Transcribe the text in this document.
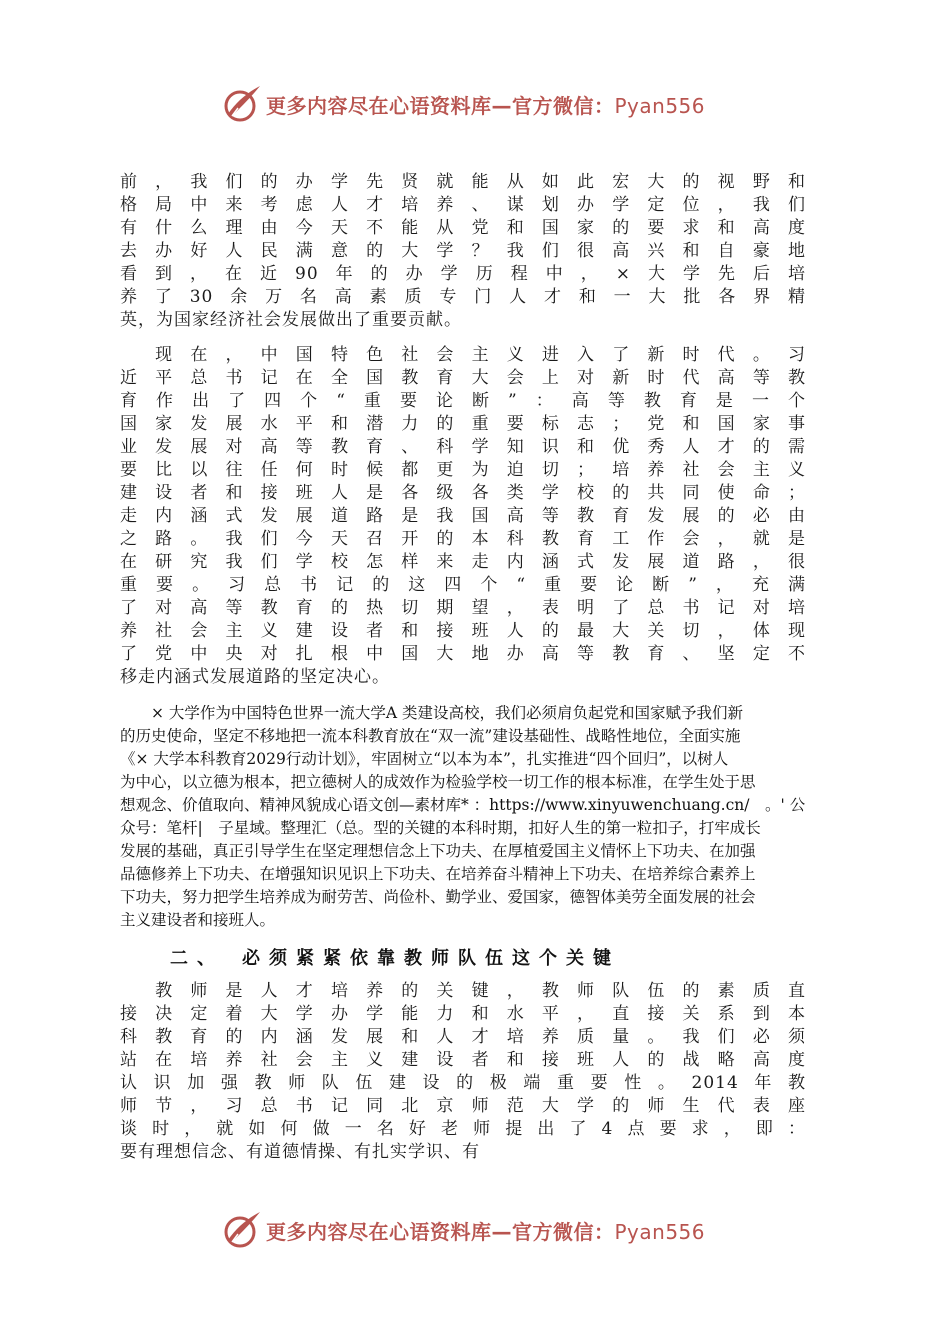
更多内容尽在心语资料库—官方微信：Pyan556
前，我们的办学先贤就能从如此宏大的视野和
格局中来考虑人才培养、谋划办学定位，我们
有什么理由今天不能从党和国家的要求和高度
去办好人民满意的大学？我们很高兴和自豪地
看到，在近90年的办学历程中，×大学先后培
养了30余万名高素质专门人才和一大批各界精
英，为国家经济社会发展做出了重要贡献。
　现在，中国特色社会主义进入了新时代。习
近平总书记在全国教育大会上对新时代高等教
育作出了四个“重要论断”：高等教育是一个
国家发展水平和潜力的重要标志；党和国家事
业发展对高等教育、科学知识和优秀人才的需
要比以往任何时候都更为迫切；培养社会主义
建设者和接班人是各级各类学校的共同使命；
走内涵式发展道路是我国高等教育发展的必由
之路。我们今天召开的本科教育工作会，就是
在研究我们学校怎样来走内涵式发展道路，很
重要。习总书记的这四个“重要论断”，充满
了对高等教育的热切期望，表明了总书记对培
养社会主义建设者和接班人的最大关切，体现
了党中央对扎根中国大地办高等教育、坚定不
移走内涵式发展道路的坚定决心。
　　× 大学作为中国特色世界一流大学A 类建设高校，我们必须肩负起党和国家赋予我们新
的历史使命，坚定不移地把一流本科教育放在“双一流”建设基础性、战略性地位，全面实施
《× 大学本科教育2029行动计划》，牢固树立“以本为本”，扎实推进“四个回归”，以树人
为中心，以立德为根本，把立德树人的成效作为检验学校一切工作的根本标准，在学生处于思
想观念、价值取向、精神风貌成心语文创—素材库* ：https://www.xinyuwenchuang.cn/　。' 公
众号：笔杆|　子星域。整理汇（总。型的关键的本科时期，扣好人生的第一粒扣子，打牢成长
发展的基础，真正引导学生在坚定理想信念上下功夫、在厚植爱国主义情怀上下功夫、在加强
品德修养上下功夫、在增强知识见识上下功夫、在培养奋斗精神上下功夫、在培养综合素养上
下功夫，努力把学生培养成为耐劳苦、尚俭朴、勤学业、爱国家，德智体美劳全面发展的社会
主义建设者和接班人。
二、　必须紧紧依靠教师队伍这个关键
　教师是人才培养的关键，教师队伍的素质直
接决定着大学办学能力和水平，直接关系到本
科教育的内涵发展和人才培养质量。我们必须
站在培养社会主义建设者和接班人的战略高度
认识加强教师队伍建设的极端重要性。2014年教
师节，习总书记同北京师范大学的师生代表座
谈时，就如何做一名好老师提出了4点要求，即：
要有理想信念、有道德情操、有扎实学识、有
更多内容尽在心语资料库—官方微信：Pyan556
